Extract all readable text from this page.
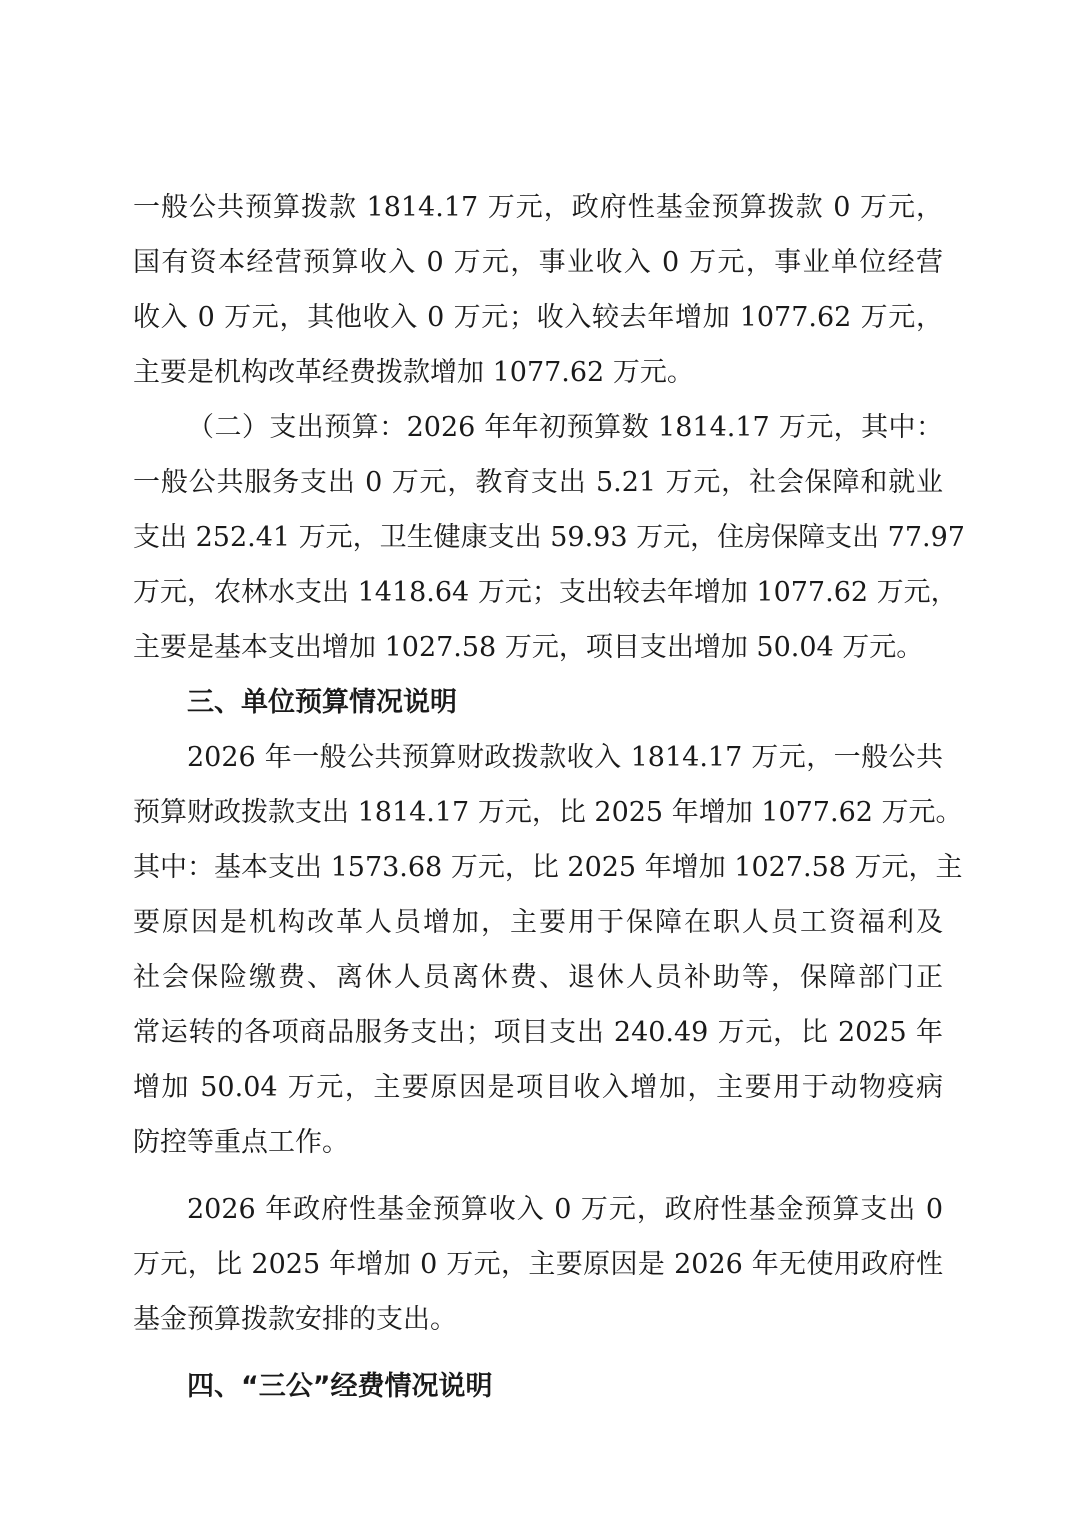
一般公共预算拨款 1814.17 万元，政府性基金预算拨款 0 万元，
国有资本经营预算收入 0 万元，事业收入 0 万元，事业单位经营
收入 0 万元，其他收入 0 万元；收入较去年增加 1077.62 万元，
主要是机构改革经费拨款增加 1077.62 万元。
（二）支出预算：2026 年年初预算数 1814.17 万元，其中：
一般公共服务支出 0 万元，教育支出 5.21 万元，社会保障和就业
支出 252.41 万元，卫生健康支出 59.93 万元，住房保障支出 77.97
万元，农林水支出 1418.64 万元；支出较去年增加 1077.62 万元，
主要是基本支出增加 1027.58 万元，项目支出增加 50.04 万元。
三、单位预算情况说明
2026 年一般公共预算财政拨款收入 1814.17 万元，一般公共
预算财政拨款支出 1814.17 万元，比 2025 年增加 1077.62 万元。
其中：基本支出 1573.68 万元，比 2025 年增加 1027.58 万元，主
要原因是机构改革人员增加，主要用于保障在职人员工资福利及
社会保险缴费、离休人员离休费、退休人员补助等，保障部门正
常运转的各项商品服务支出；项目支出 240.49 万元，比 2025 年
增加 50.04 万元，主要原因是项目收入增加，主要用于动物疫病
防控等重点工作。
2026 年政府性基金预算收入 0 万元，政府性基金预算支出 0
万元，比 2025 年增加 0 万元，主要原因是 2026 年无使用政府性
基金预算拨款安排的支出。
四、“三公”经费情况说明
